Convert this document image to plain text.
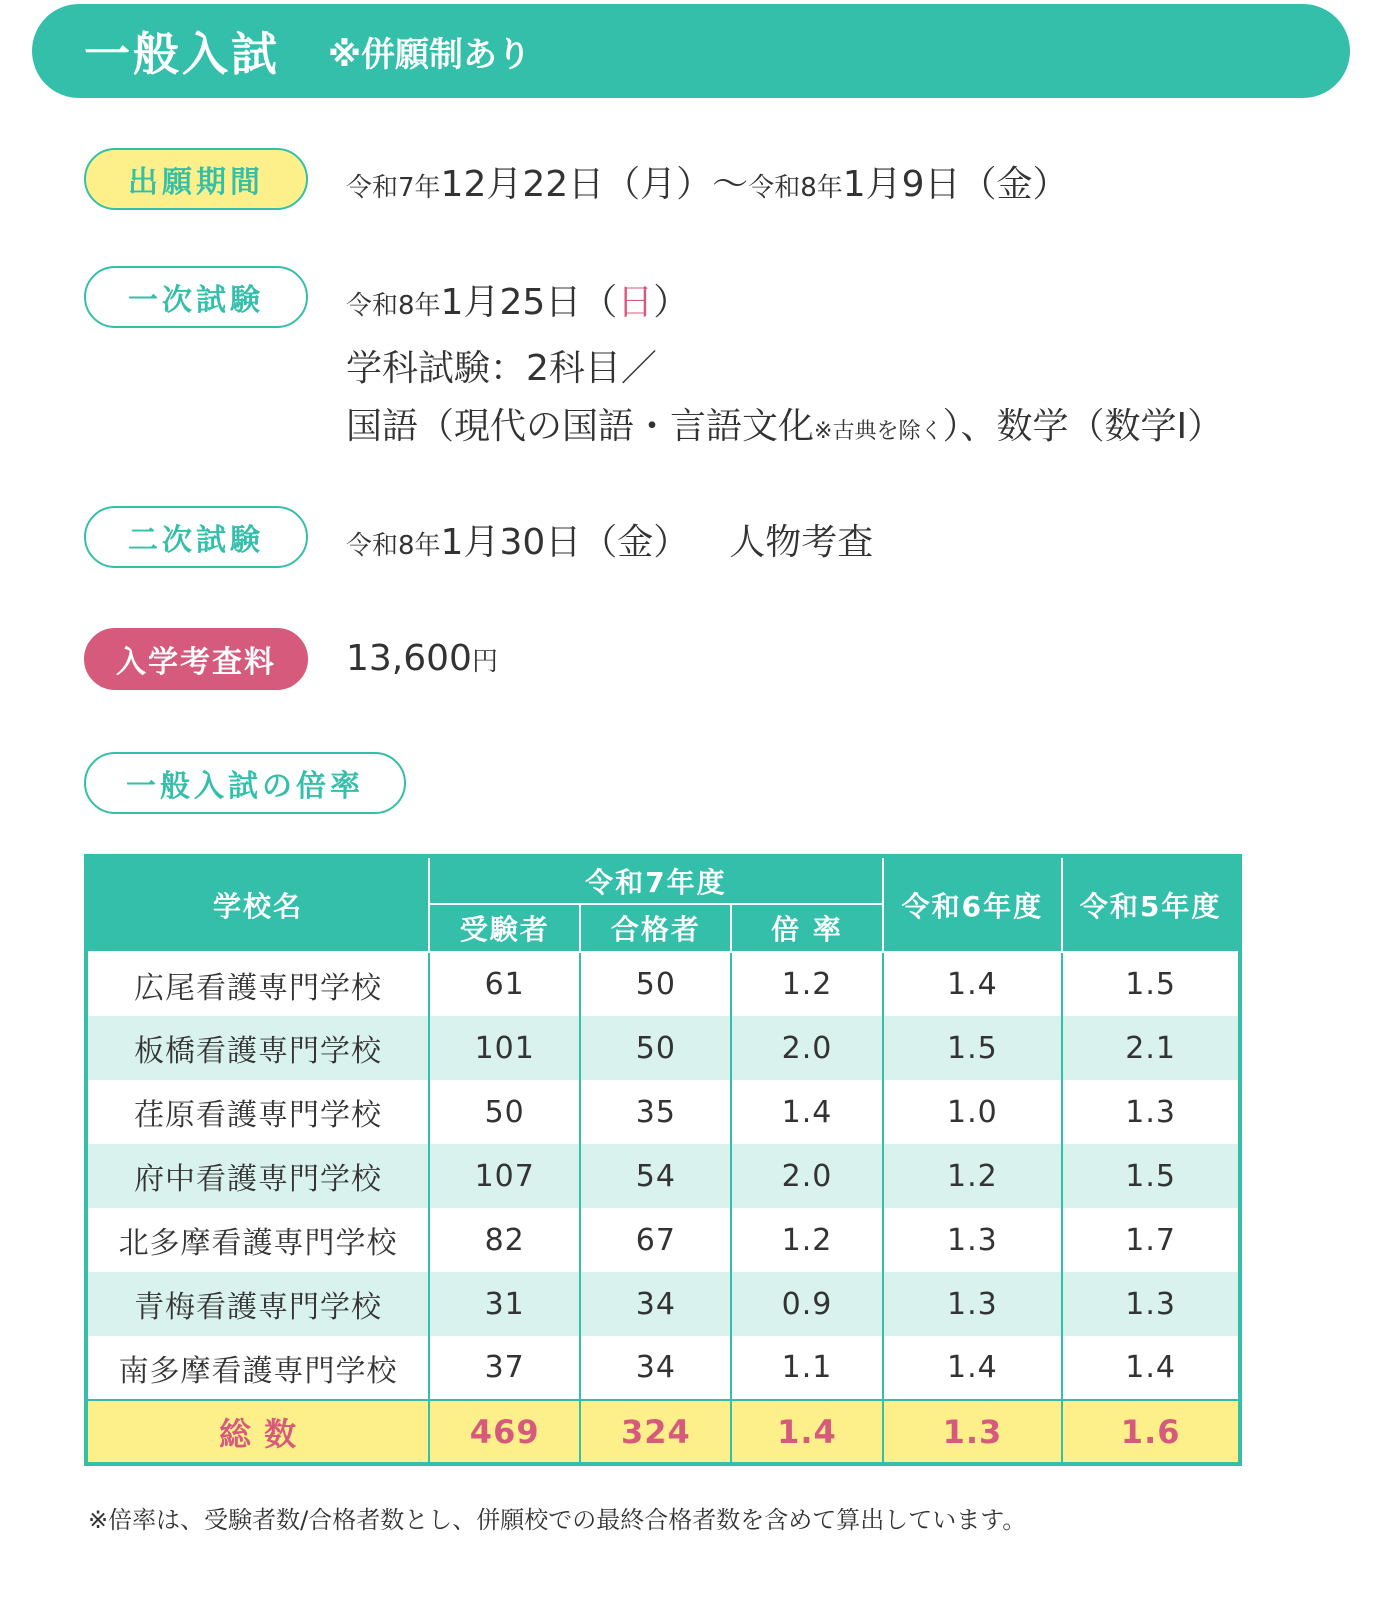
一般入試 ※併願制あり
出願期間	令和7年12月22日（月）〜令和8年1月9日（金）
一次試験	令和8年1月25日（日）
学科試験：2科目／
国語（現代の国語・言語文化※古典を除く）、数学（数学Ⅰ）
二次試験	令和8年1月30日（金） 人物考査
入学考査料	13,600円
一般入試の倍率
学校名	令和7年度			令和6年度	令和5年度
	受験者	合格者	倍 率		
広尾看護専門学校	61	50	1.2	1.4	1.5
板橋看護専門学校	101	50	2.0	1.5	2.1
荏原看護専門学校	50	35	1.4	1.0	1.3
府中看護専門学校	107	54	2.0	1.2	1.5
北多摩看護専門学校	82	67	1.2	1.3	1.7
青梅看護専門学校	31	34	0.9	1.3	1.3
南多摩看護専門学校	37	34	1.1	1.4	1.4
総 数	469	324	1.4	1.3	1.6
※倍率は、受験者数/合格者数とし、併願校での最終合格者数を含めて算出しています。
